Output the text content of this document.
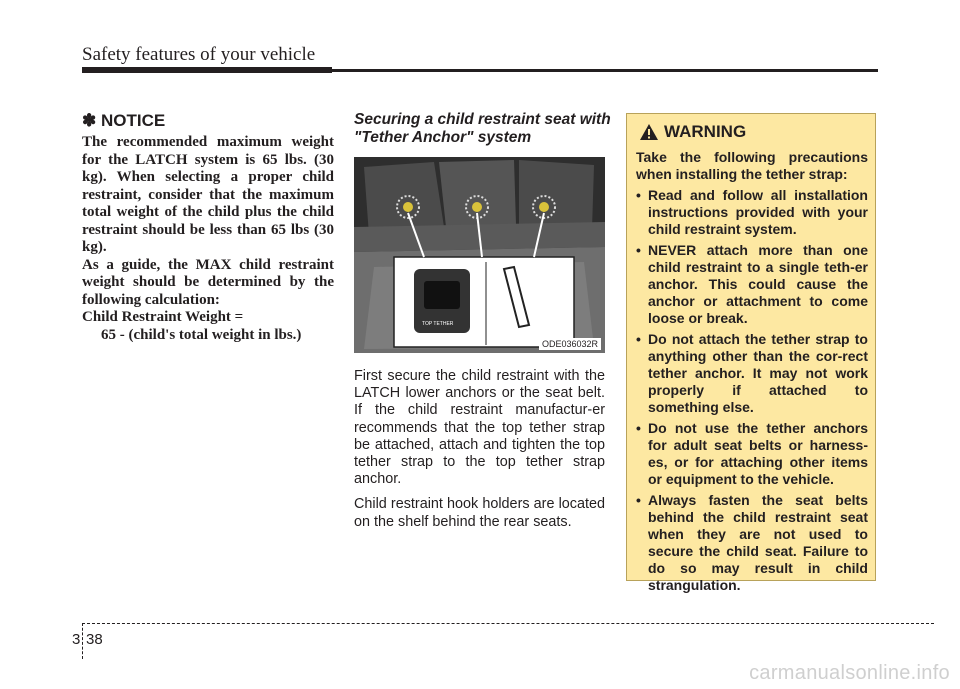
Safety features of your vehicle
✽ NOTICE

The recommended maximum weight for the LATCH system is 65 lbs. (30 kg). When selecting a proper child restraint, consider that the maximum total weight of the child plus the child restraint should be less than 65 lbs (30 kg).

As a guide, the MAX child restraint weight should be determined by the following calculation:

Child Restraint Weight =

65 - (child's total weight in lbs.)

Securing a child restraint seat with "Tether Anchor" system
TOP TETHER
ODE036032R

First secure the child restraint with the LATCH lower anchors or the seat belt. If the child restraint manufactur-er recommends that the top tether strap be attached, attach and tighten the top tether strap to the top tether strap anchor.

Child restraint hook holders are located on the shelf behind the rear seats.

WARNING

Take the following precautions when installing the tether strap:

• Read and follow all installation instructions provided with your child restraint system.
• NEVER attach more than one child restraint to a single teth-er anchor. This could cause the anchor or attachment to come loose or break.
• Do not attach the tether strap to anything other than the cor-rect tether anchor. It may not work properly if attached to something else.
• Do not use the tether anchors for adult seat belts or harness-es, or for attaching other items or equipment to the vehicle.
• Always fasten the seat belts behind the child restraint seat when they are not used to secure the child seat. Failure to do so may result in child strangulation.
3 38
carmanualsonline.info
